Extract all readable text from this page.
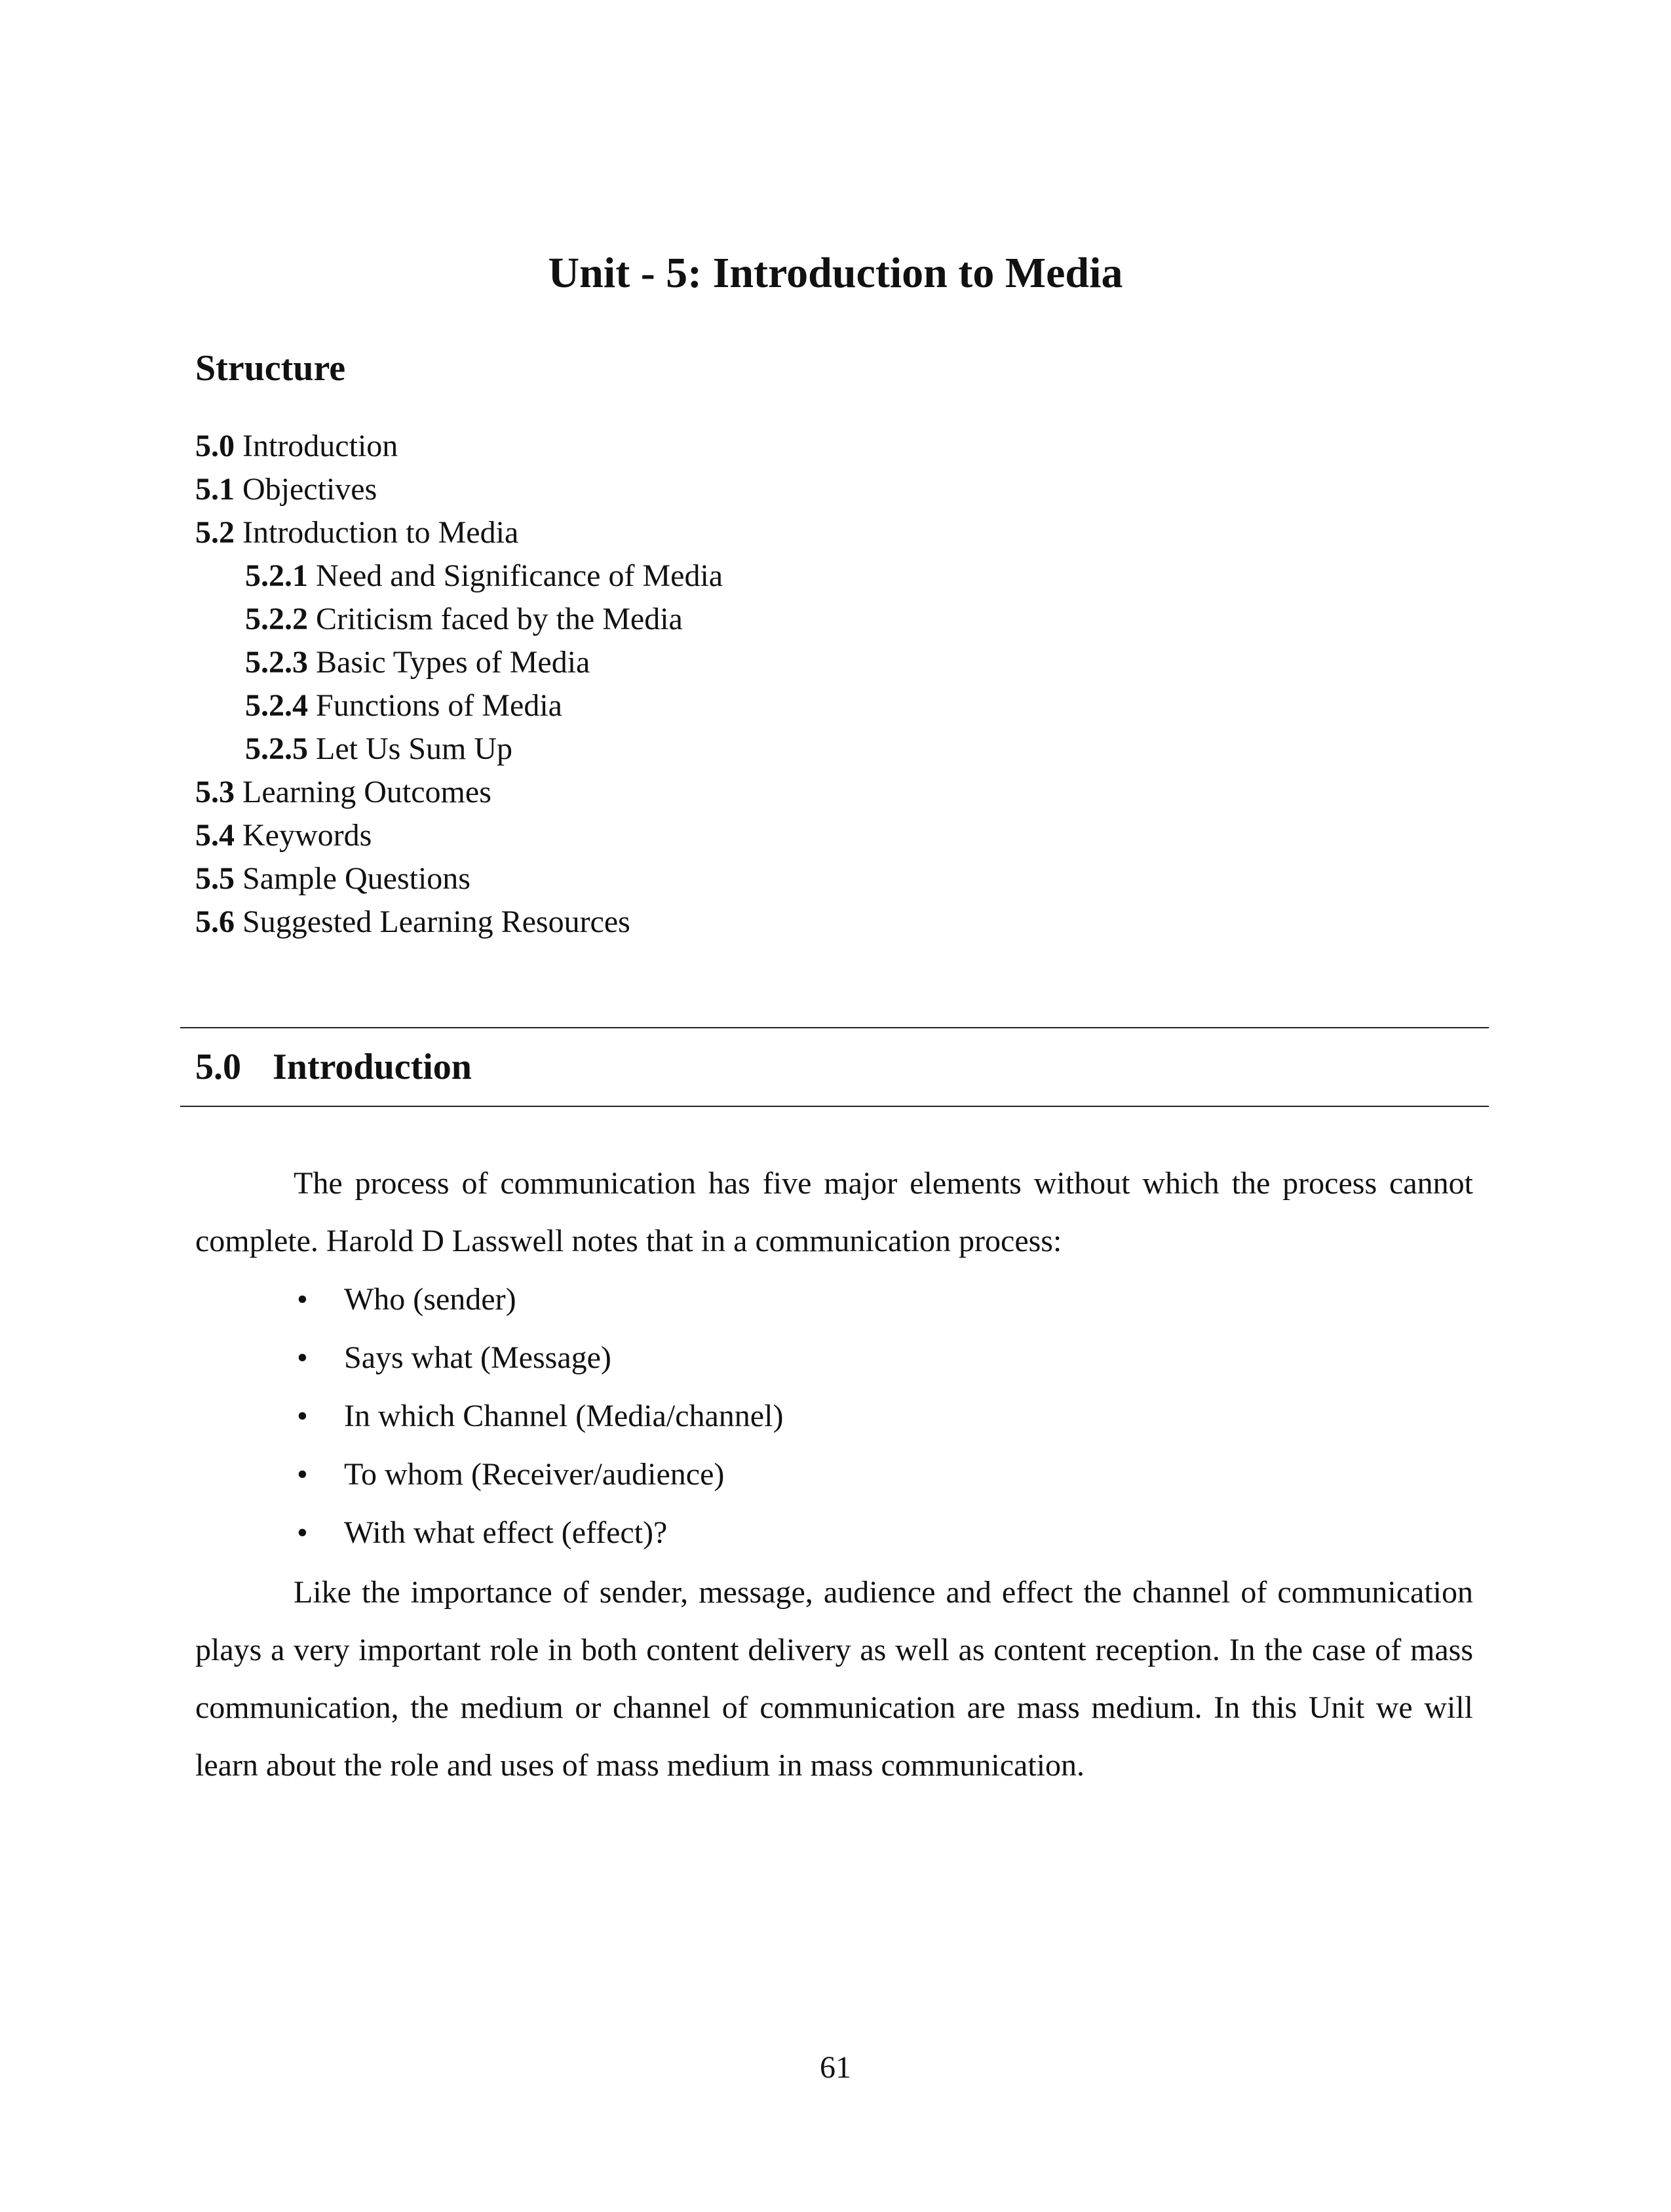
Unit - 5: Introduction to Media
Structure
5.0 Introduction
5.1 Objectives
5.2 Introduction to Media
5.2.1 Need and Significance of Media
5.2.2 Criticism faced by the Media
5.2.3 Basic Types of Media
5.2.4 Functions of Media
5.2.5 Let Us Sum Up
5.3 Learning Outcomes
5.4 Keywords
5.5 Sample Questions
5.6 Suggested Learning Resources
5.0 Introduction

The process of communication has five major elements without which the process cannot complete. Harold D Lasswell notes that in a communication process:

• Who (sender)
• Says what (Message)
• In which Channel (Media/channel)
• To whom (Receiver/audience)
• With what effect (effect)?

Like the importance of sender, message, audience and effect the channel of communication plays a very important role in both content delivery as well as content reception. In the case of mass communication, the medium or channel of communication are mass medium. In this Unit we will learn about the role and uses of mass medium in mass communication.

61
